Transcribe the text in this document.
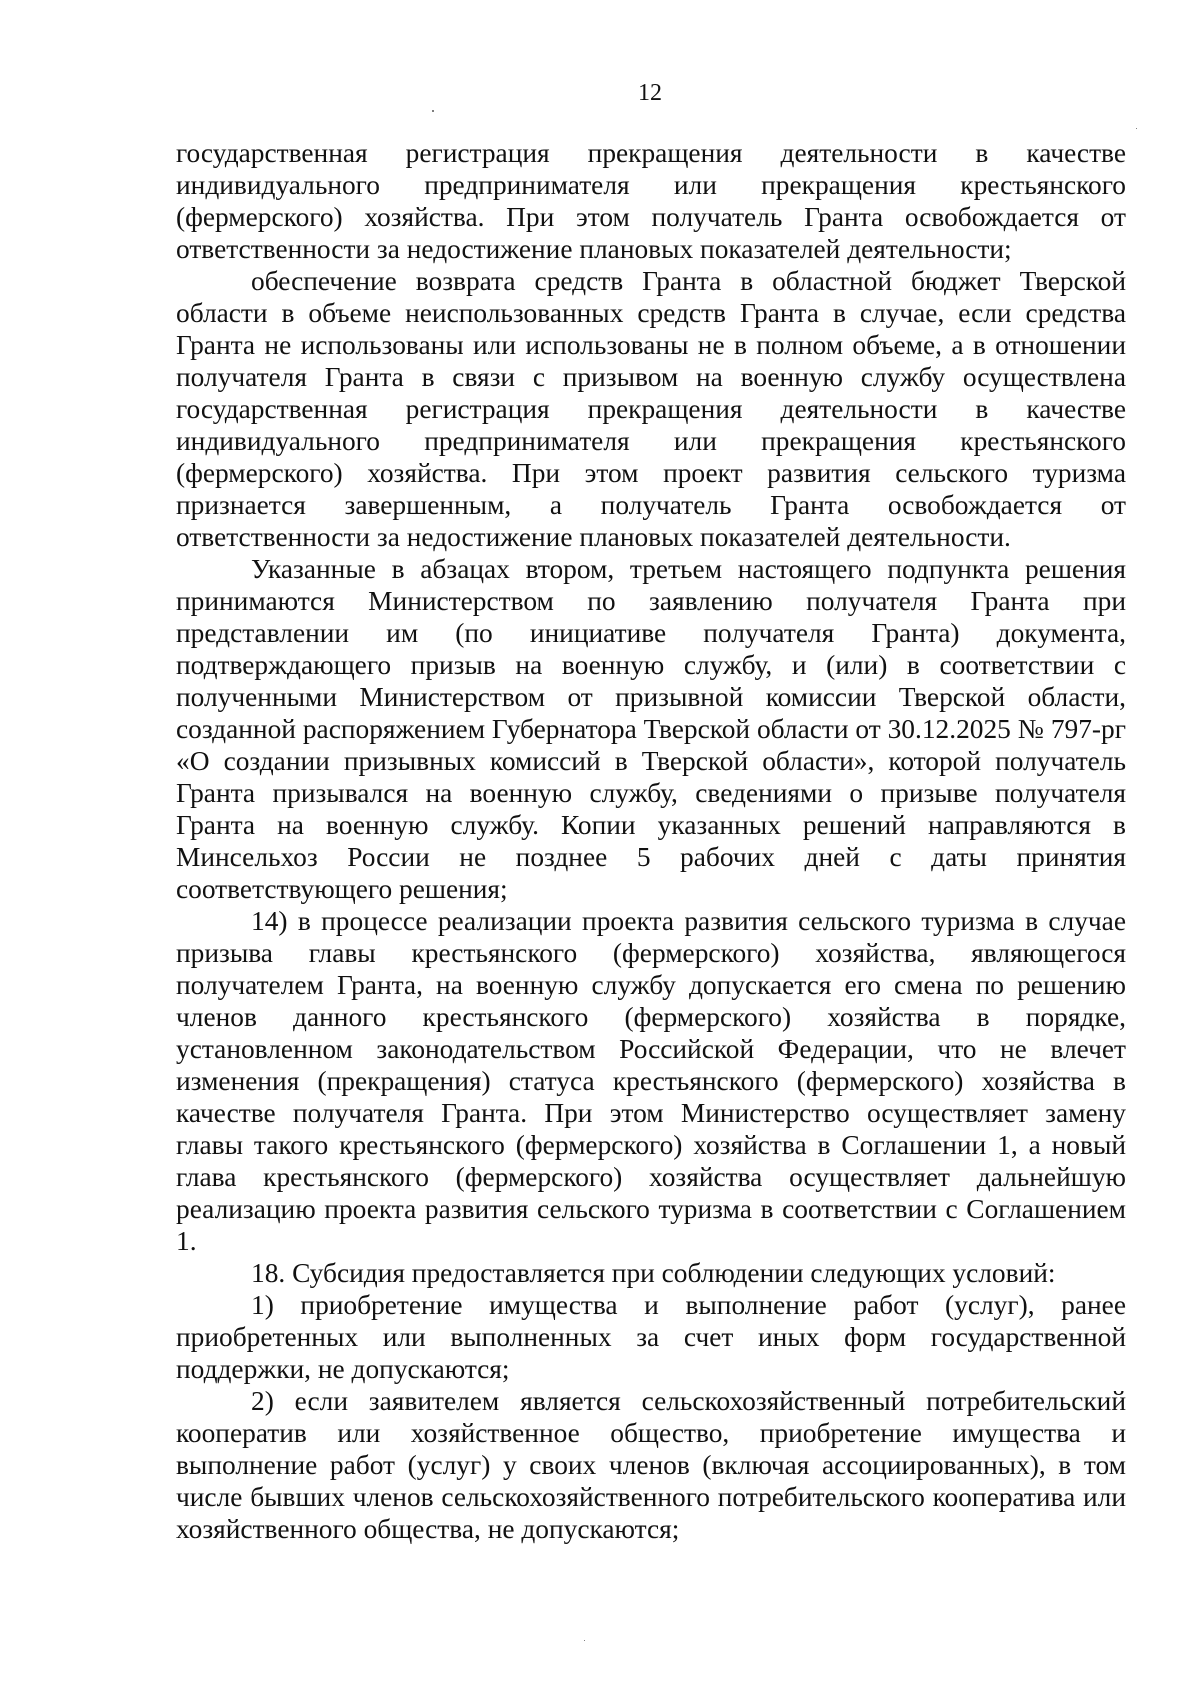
12

государственная регистрация прекращения деятельности в качестве индивидуального предпринимателя или прекращения крестьянского (фермерского) хозяйства. При этом получатель Гранта освобождается от ответственности за недостижение плановых показателей деятельности;

обеспечение возврата средств Гранта в областной бюджет Тверской области в объеме неиспользованных средств Гранта в случае, если средства Гранта не использованы или использованы не в полном объеме, а в отношении получателя Гранта в связи с призывом на военную службу осуществлена государственная регистрация прекращения деятельности в качестве индивидуального предпринимателя или прекращения крестьянского (фермерского) хозяйства. При этом проект развития сельского туризма признается завершенным, а получатель Гранта освобождается от ответственности за недостижение плановых показателей деятельности.

Указанные в абзацах втором, третьем настоящего подпункта решения принимаются Министерством по заявлению получателя Гранта при представлении им (по инициативе получателя Гранта) документа, подтверждающего призыв на военную службу, и (или) в соответствии с полученными Министерством от призывной комиссии Тверской области, созданной распоряжением Губернатора Тверской области от 30.12.2025 № 797-рг «О создании призывных комиссий в Тверской области», которой получатель Гранта призывался на военную службу, сведениями о призыве получателя Гранта на военную службу. Копии указанных решений направляются в Минсельхоз России не позднее 5 рабочих дней с даты принятия соответствующего решения;

14) в процессе реализации проекта развития сельского туризма в случае призыва главы крестьянского (фермерского) хозяйства, являющегося получателем Гранта, на военную службу допускается его смена по решению членов данного крестьянского (фермерского) хозяйства в порядке, установленном законодательством Российской Федерации, что не влечет изменения (прекращения) статуса крестьянского (фермерского) хозяйства в качестве получателя Гранта. При этом Министерство осуществляет замену главы такого крестьянского (фермерского) хозяйства в Соглашении 1, а новый глава крестьянского (фермерского) хозяйства осуществляет дальнейшую реализацию проекта развития сельского туризма в соответствии с Соглашением 1.

18. Субсидия предоставляется при соблюдении следующих условий:

1) приобретение имущества и выполнение работ (услуг), ранее приобретенных или выполненных за счет иных форм государственной поддержки, не допускаются;

2) если заявителем является сельскохозяйственный потребительский кооператив или хозяйственное общество, приобретение имущества и выполнение работ (услуг) у своих членов (включая ассоциированных), в том числе бывших членов сельскохозяйственного потребительского кооператива или хозяйственного общества, не допускаются;
